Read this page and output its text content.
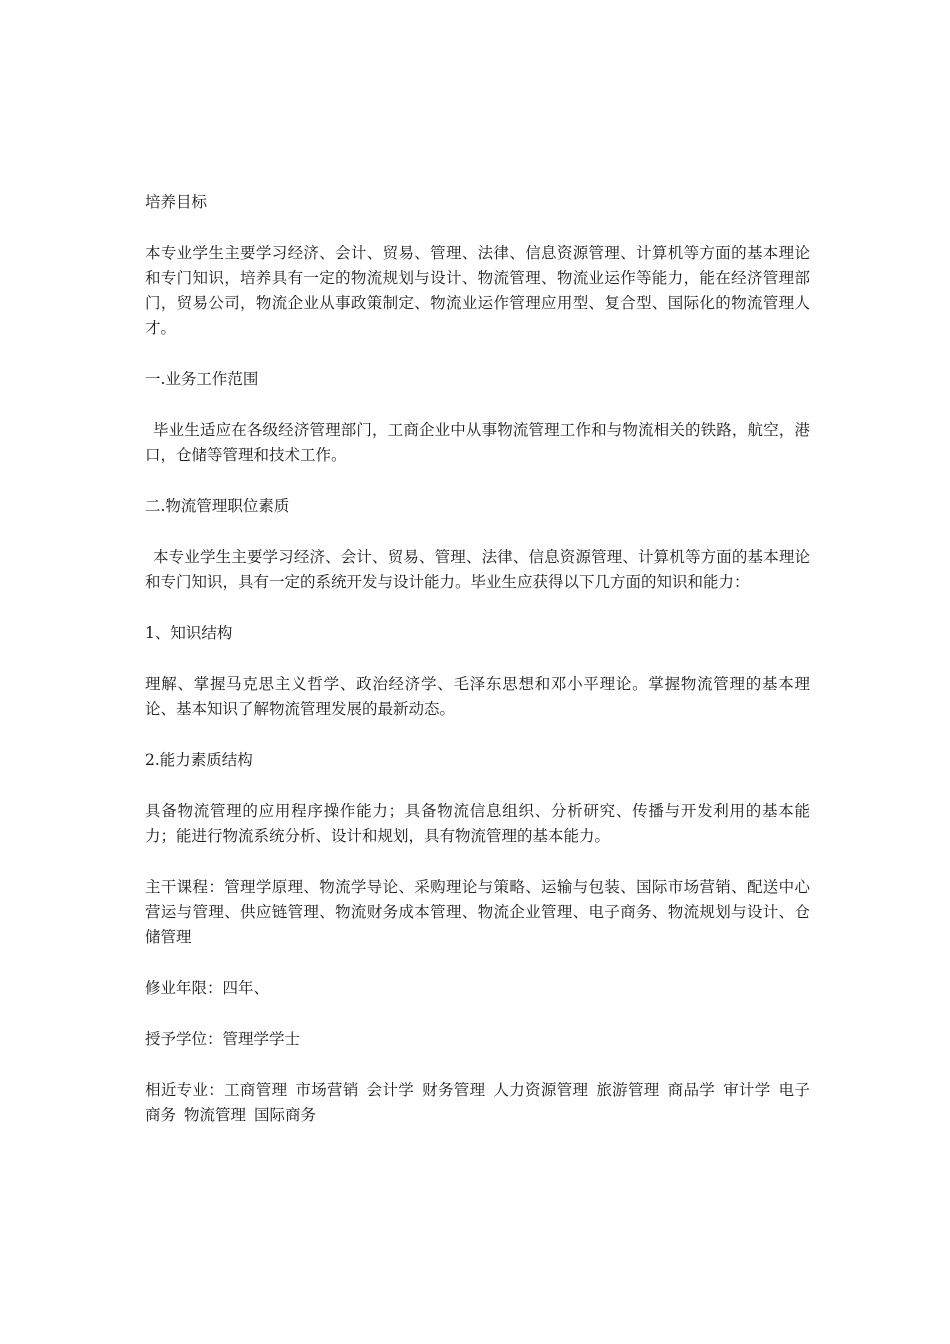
培养目标

本专业学生主要学习经济、会计、贸易、管理、法律、信息资源管理、计算机等方面的基本理论和专门知识，培养具有一定的物流规划与设计、物流管理、物流业运作等能力，能在经济管理部门，贸易公司，物流企业从事政策制定、物流业运作管理应用型、复合型、国际化的物流管理人才。

一.业务工作范围

毕业生适应在各级经济管理部门，工商企业中从事物流管理工作和与物流相关的铁路，航空，港口，仓储等管理和技术工作。

二.物流管理职位素质

本专业学生主要学习经济、会计、贸易、管理、法律、信息资源管理、计算机等方面的基本理论和专门知识，具有一定的系统开发与设计能力。毕业生应获得以下几方面的知识和能力：

1、知识结构

理解、掌握马克思主义哲学、政治经济学、毛泽东思想和邓小平理论。掌握物流管理的基本理论、基本知识了解物流管理发展的最新动态。

2.能力素质结构

具备物流管理的应用程序操作能力；具备物流信息组织、分析研究、传播与开发利用的基本能力；能进行物流系统分析、设计和规划，具有物流管理的基本能力。

主干课程：管理学原理、物流学导论、采购理论与策略、运输与包装、国际市场营销、配送中心营运与管理、供应链管理、物流财务成本管理、物流企业管理、电子商务、物流规划与设计、仓储管理

修业年限：四年、

授予学位：管理学学士

相近专业：工商管理 市场营销 会计学 财务管理 人力资源管理 旅游管理 商品学 审计学 电子商务 物流管理 国际商务
